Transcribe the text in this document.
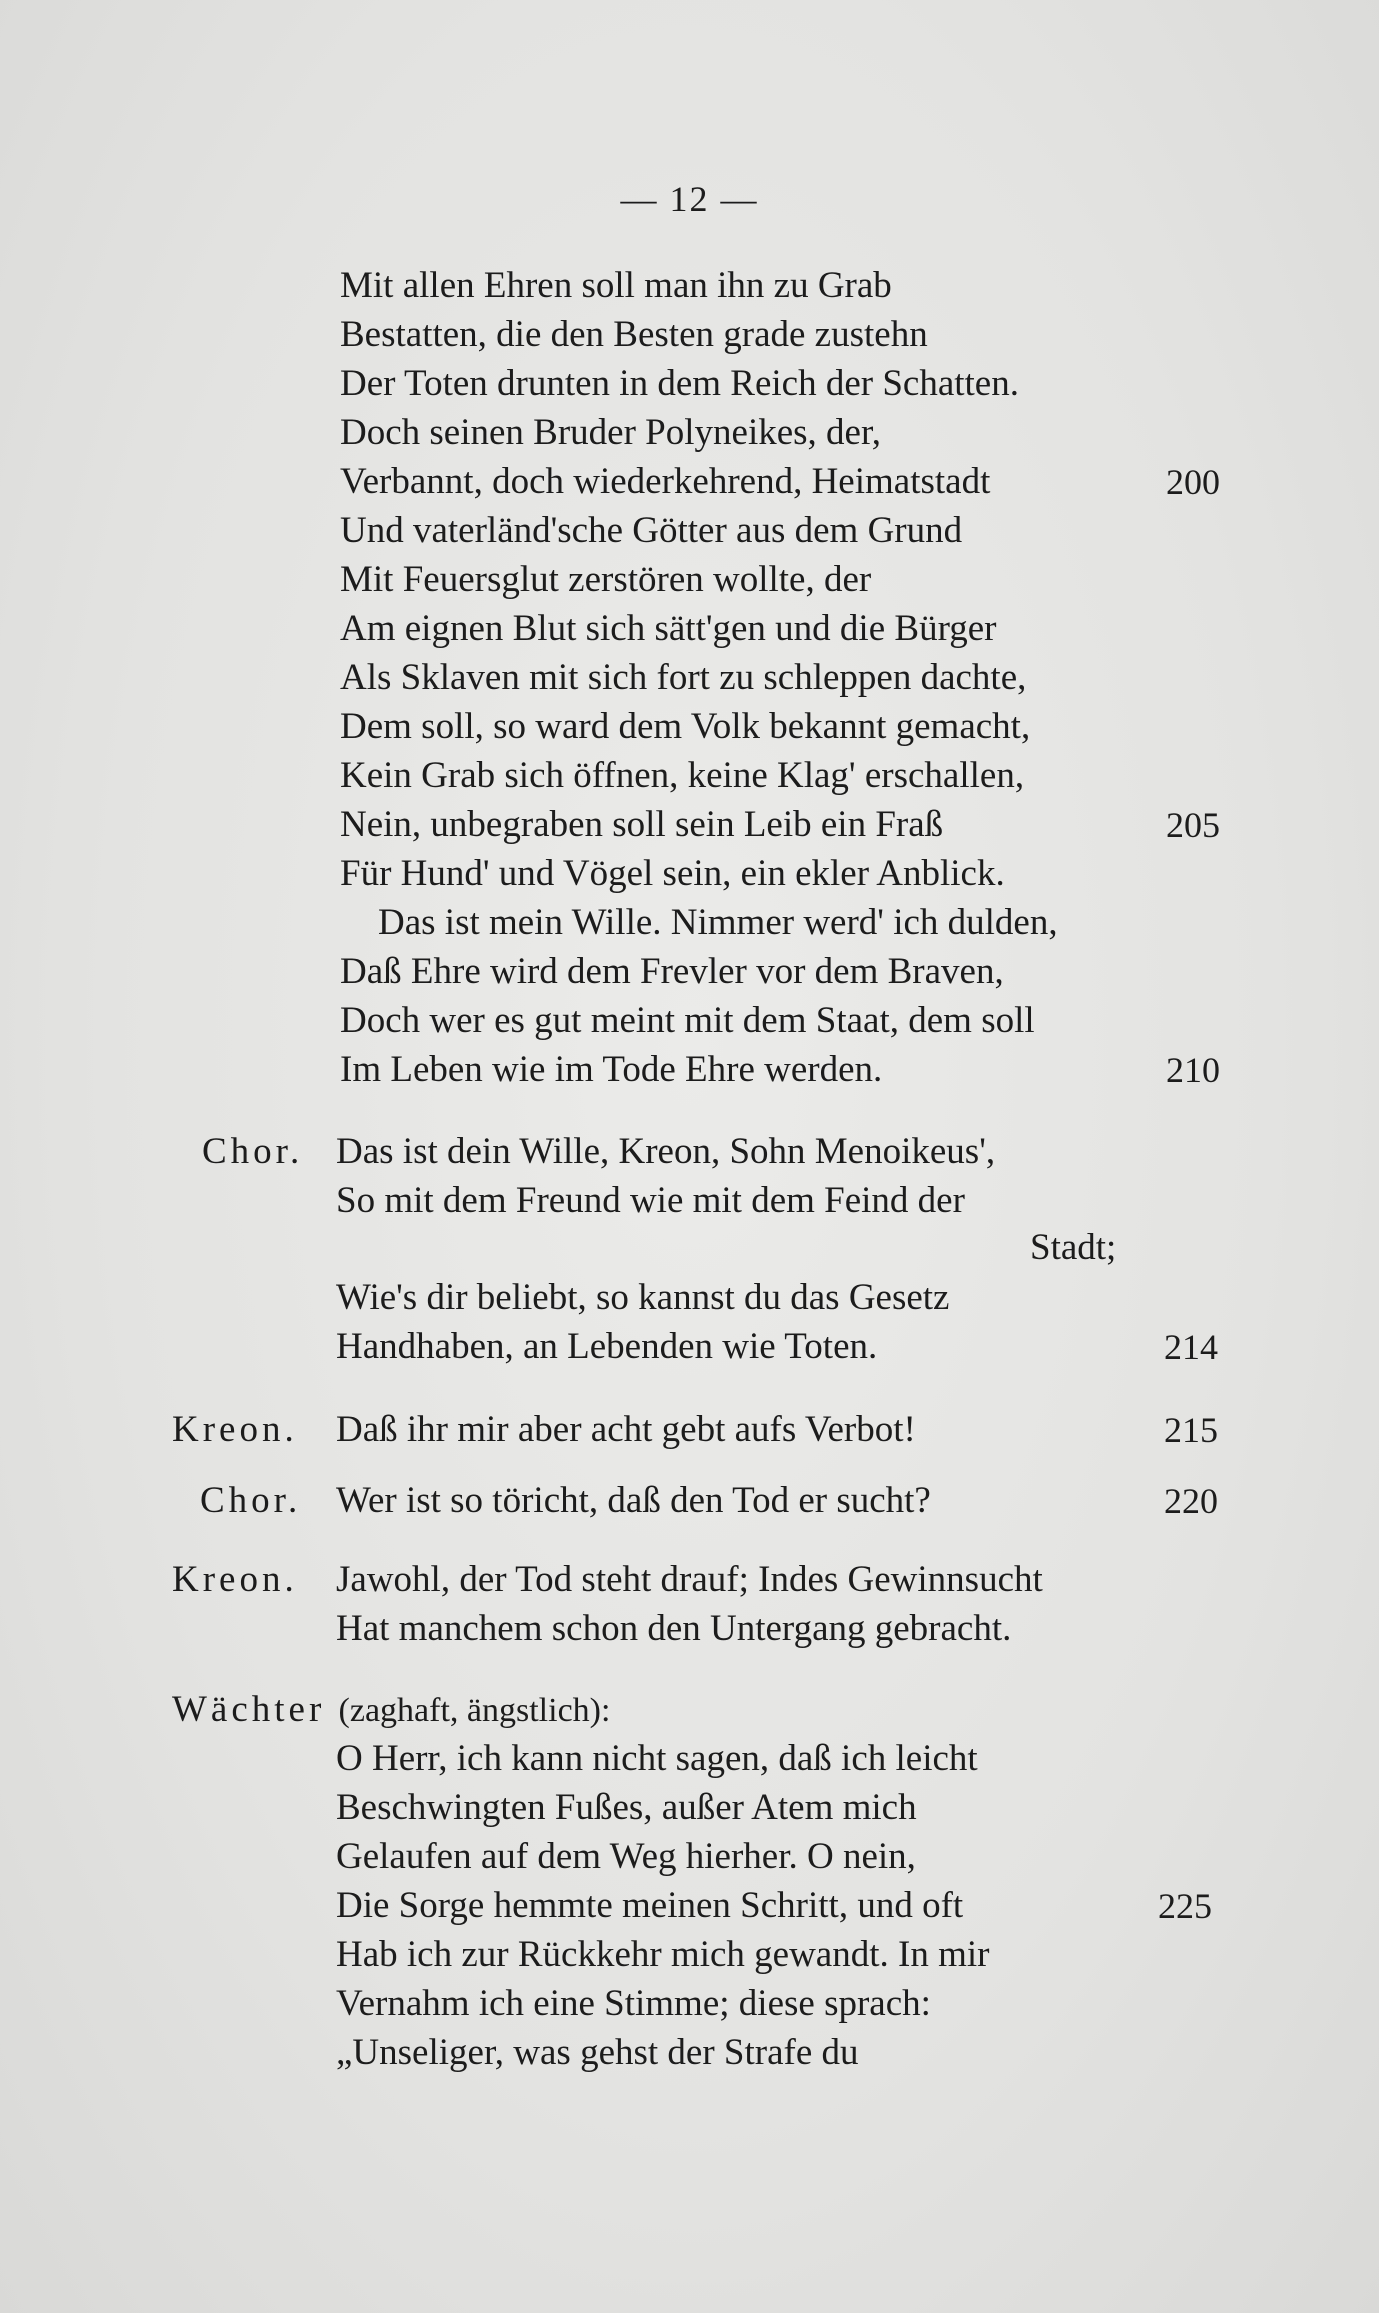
— 12 —
Mit allen Ehren soll man ihn zu Grab
Bestatten, die den Besten grade zustehn
Der Toten drunten in dem Reich der Schatten.
Doch seinen Bruder Polyneikes, der,
Verbannt, doch wiederkehrend, Heimatstadt	200
Und vaterländ'sche Götter aus dem Grund
Mit Feuersglut zerstören wollte, der
Am eignen Blut sich sätt'gen und die Bürger
Als Sklaven mit sich fort zu schleppen dachte,
Dem soll, so ward dem Volk bekannt gemacht,
Kein Grab sich öffnen, keine Klag' erschallen,
Nein, unbegraben soll sein Leib ein Fraß	205
Für Hund' und Vögel sein, ein ekler Anblick.
Das ist mein Wille. Nimmer werd' ich dulden,
Daß Ehre wird dem Frevler vor dem Braven,
Doch wer es gut meint mit dem Staat, dem soll
Im Leben wie im Tode Ehre werden.	210
Chor. Das ist dein Wille, Kreon, Sohn Menoikeus',
So mit dem Freund wie mit dem Feind der
Stadt;
Wie's dir beliebt, so kannst du das Gesetz
Handhaben, an Lebenden wie Toten.	214
Kreon. Daß ihr mir aber acht gebt aufs Verbot!	215
Chor. Wer ist so töricht, daß den Tod er sucht?	220
Kreon. Jawohl, der Tod steht drauf; Indes Gewinnsucht
Hat manchem schon den Untergang gebracht.
Wächter (zaghaft, ängstlich):
O Herr, ich kann nicht sagen, daß ich leicht
Beschwingten Fußes, außer Atem mich
Gelaufen auf dem Weg hierher. O nein,
Die Sorge hemmte meinen Schritt, und oft	225
Hab ich zur Rückkehr mich gewandt. In mir
Vernahm ich eine Stimme; diese sprach:
„Unseliger, was gehst der Strafe du
